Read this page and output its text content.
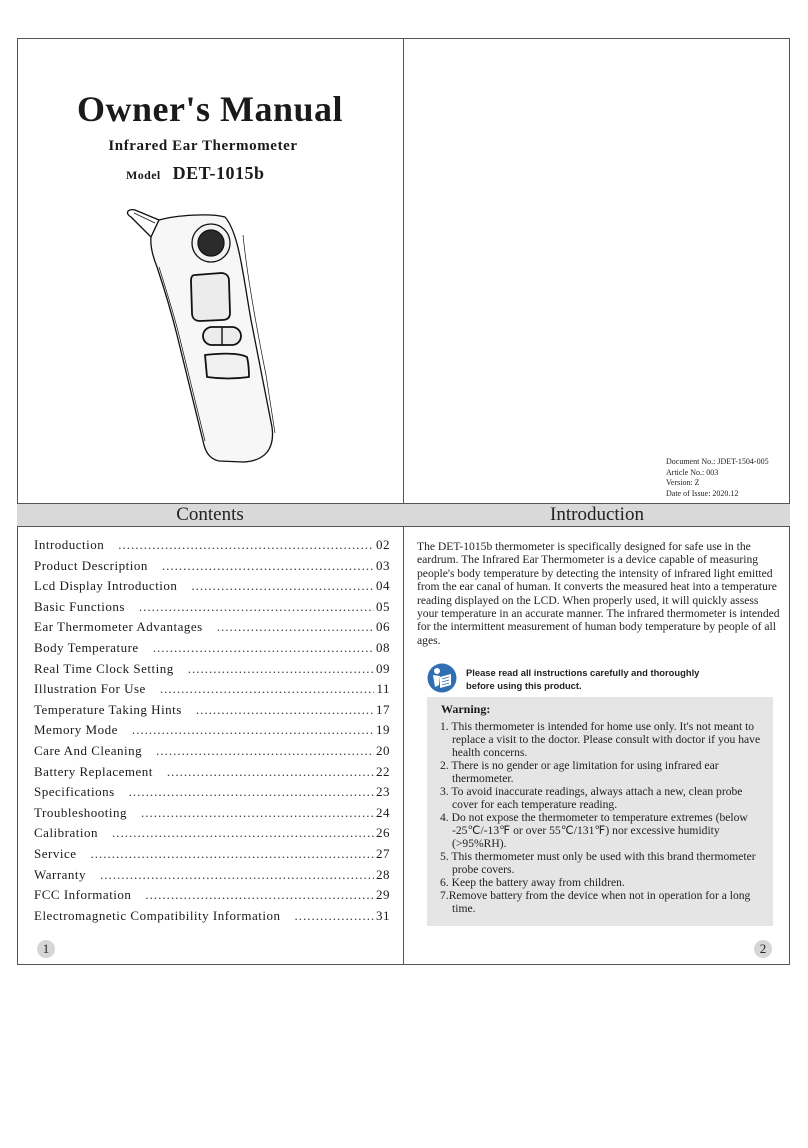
Owner's Manual
Infrared Ear Thermometer
Model DET-1015b
Document No.: JDET-1504-005
Article No.: 003
Version: Z
Date of Issue: 2020.12
Contents	Introduction
Introduction .....	02
Product Description .....	03
Lcd Display Introduction .....	04
Basic Functions .....	05
Ear Thermometer Advantages .....	06
Body Temperature .....	08
Real Time Clock Setting .....	09
Illustration For Use .....	11
Temperature Taking Hints .....	17
Memory Mode .....	19
Care And Cleaning .....	20
Battery Replacement .....	22
Specifications .....	23
Troubleshooting .....	24
Calibration .....	26
Service .....	27
Warranty .....	28
FCC Information .....	29
Electromagnetic Compatibility Information .....	31
1
The DET-1015b thermometer is specifically designed for safe use in the eardrum. The Infrared Ear Thermometer is a device capable of measuring people's body temperature by detecting the intensity of infrared light emitted from the ear canal of human. It converts the measured heat into a temperature reading displayed on the LCD. When properly used, it will quickly assess your temperature in an accurate manner. The infrared thermometer is intended for the intermittent measurement of human body temperature by people of all ages.
Please read all instructions carefully and thoroughly
before using this product.
Warning:
1. This thermometer is intended for home use only. It's not meant to replace a visit to the doctor. Please consult with doctor if you have health concerns.
2. There is no gender or age limitation for using infrared ear thermometer.
3. To avoid inaccurate readings, always attach a new, clean probe cover for each temperature reading.
4. Do not expose the thermometer to temperature extremes (below -25℃/-13℉ or over 55℃/131℉) nor excessive humidity (>95%RH).
5. This thermometer must only be used with this brand thermometer probe covers.
6. Keep the battery away from children.
7.Remove battery from the device when not in operation for a long time.
2
